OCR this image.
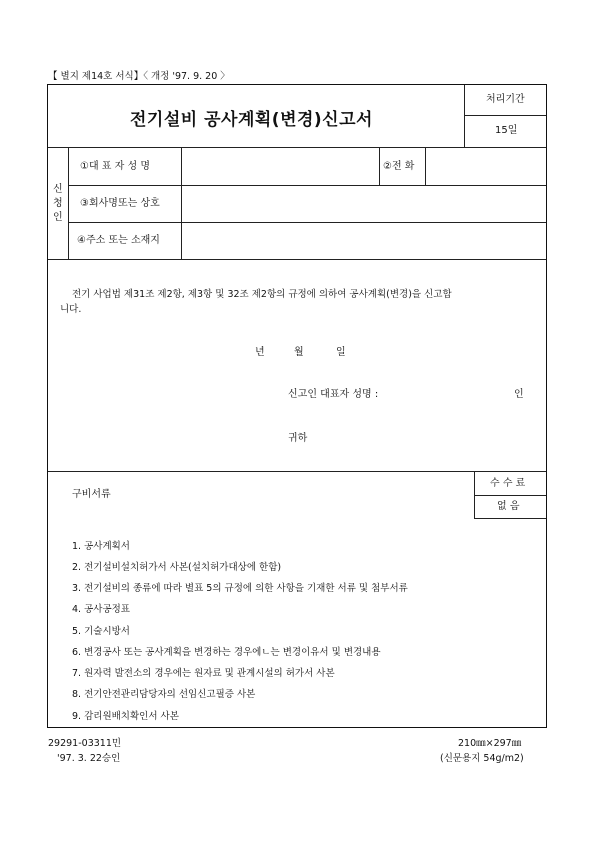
【 별지 제14호 서식】〈 개정 '97. 9. 20 〉
전기설비 공사계획(변경)신고서
처리기간
15일
신
청
인
①대 표 자 성 명	②전 화
③회사명또는 상호
④주소 또는 소재지
전기 사업법 제31조 제2항, 제3항 및 32조 제2항의 규정에 의하여 공사계획(변경)을 신고합
니다.
년	월	일
신고인 대표자 성명 :	인
귀하
수 수 료
없 음
구비서류
1. 공사계획서
2. 전기설비설치허가서 사본(설치허가대상에 한함)
3. 전기설비의 종류에 따라 별표 5의 규정에 의한 사항을 기재한 서류 및 첨부서류
4. 공사공정표
5. 기술시방서
6. 변경공사 또는 공사계획을 변경하는 경우에ㄴ는 변경이유서 및 변경내용
7. 원자력 발전소의 경우에는 원자료 및 관계시설의 허가서 사본
8. 전기안전관리담당자의 선임신고필증 사본
9. 감리원배치확인서 사본
29291-03311민
'97. 3. 22승인
210㎜×297㎜
(신문용지 54g/m2)
